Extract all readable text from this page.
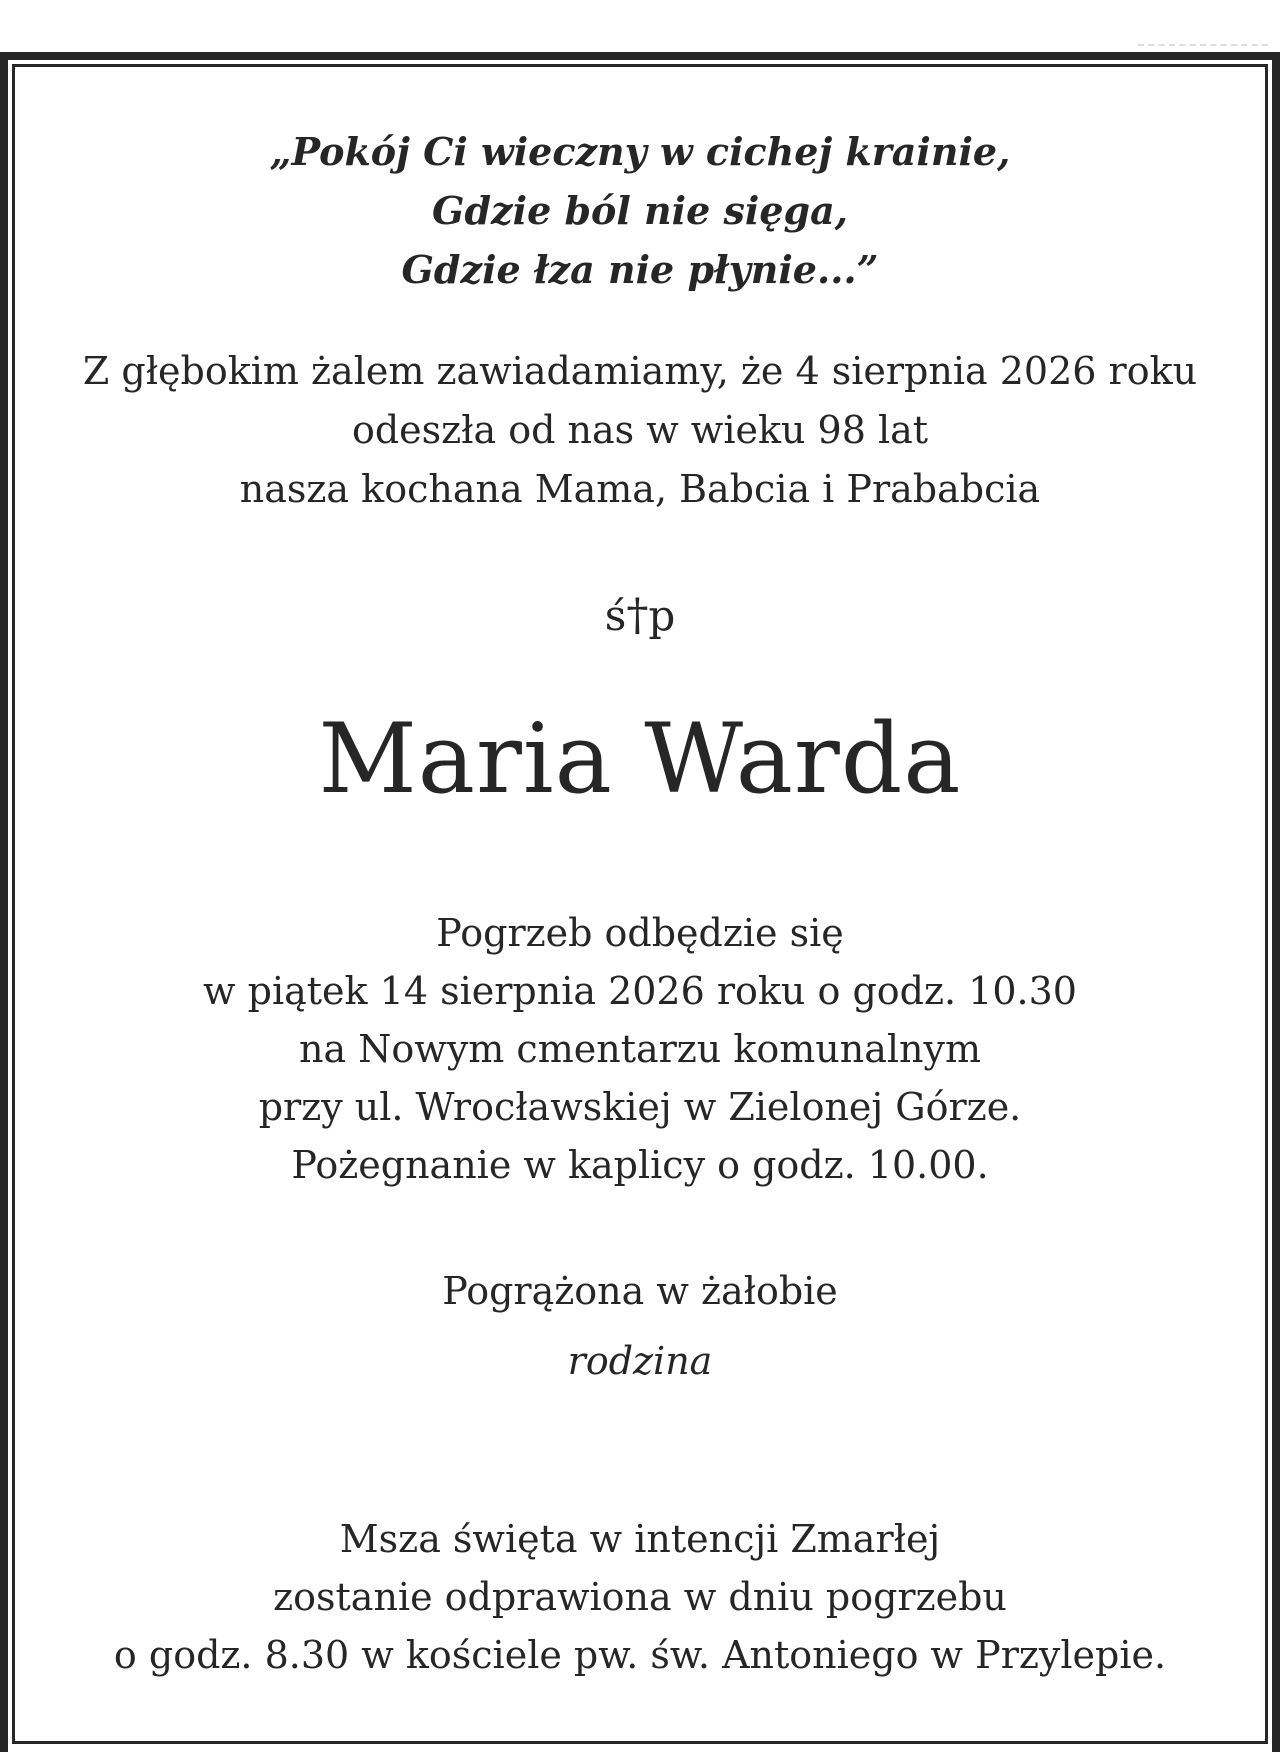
„Pokój Ci wieczny w cichej krainie,
Gdzie ból nie sięga,
Gdzie łza nie płynie...”
Z głębokim żalem zawiadamiamy, że 4 sierpnia 2026 roku
odeszła od nas w wieku 98 lat
nasza kochana Mama, Babcia i Prababcia
ś†p
Maria Warda
Pogrzeb odbędzie się
w piątek 14 sierpnia 2026 roku o godz. 10.30
na Nowym cmentarzu komunalnym
przy ul. Wrocławskiej w Zielonej Górze.
Pożegnanie w kaplicy o godz. 10.00.
Pogrążona w żałobie
rodzina
Msza święta w intencji Zmarłej
zostanie odprawiona w dniu pogrzebu
o godz. 8.30 w kościele pw. św. Antoniego w Przylepie.
